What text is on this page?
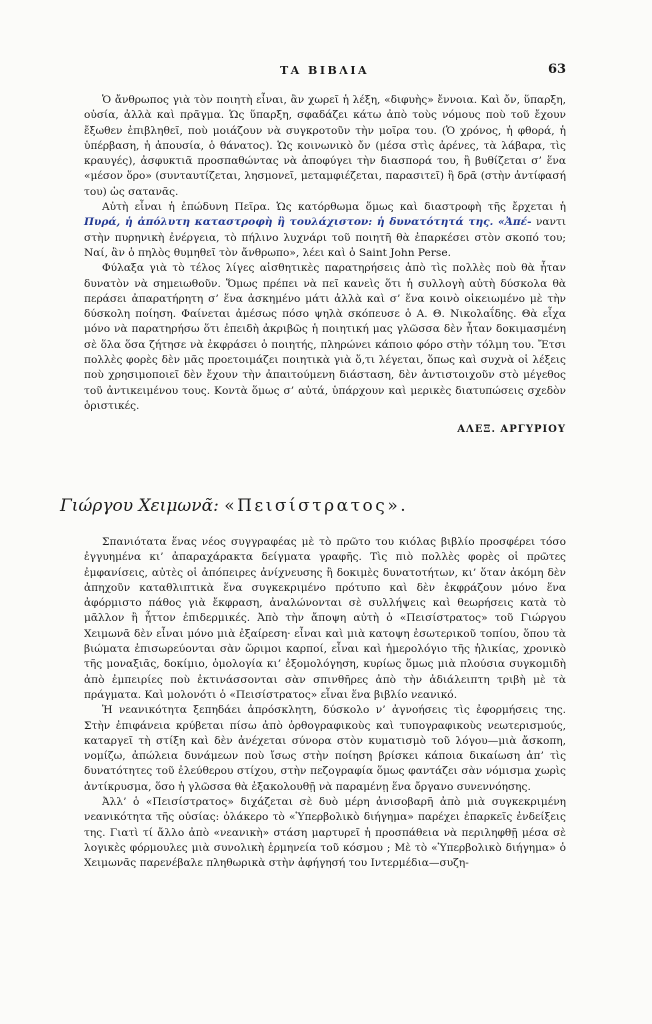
ΤΑ ΒΙΒΛΙΑ	63

Ὁ ἄνθρωπος γιὰ τὸν ποιητὴ εἶναι, ἂν χωρεῖ ἡ λέξη, «διφυὴς» ἔννοια. Καὶ ὄν, ὕπαρξη, οὐσία, ἀλλὰ καὶ πρᾶγμα. Ὡς ὕπαρξη, σφαδάζει κάτω ἀπὸ τοὺς νόμους ποὺ τοῦ ἔχουν ἔξωθεν ἐπιβληθεῖ, ποὺ μοιάζουν νὰ συγκροτοῦν τὴν μοῖρα του. (Ὁ χρόνος, ἡ φθορά, ἡ ὑπέρβαση, ἡ ἀπουσία, ὁ θάνατος). Ὡς κοινωνικὸ ὄν (μέσα στὶς ἀρένες, τὰ λάβαρα, τὶς κραυγές), ἀσφυκτιᾶ προσπαθώντας νὰ ἀποφύγει τὴν διασπορά του, ἢ βυθίζεται σ’ ἕνα «μέσον ὅρο» (συνταυτίζεται, λησμονεῖ, μεταμφιέζεται, παρασιτεῖ) ἢ δρᾶ (στὴν ἀντίφασή του) ὡς σατανᾶς.

Αὐτὴ εἶναι ἡ ἐπώδυνη Πεῖρα. Ὡς κατόρθωμα ὅμως καὶ διαστροφὴ τῆς ἔρχεται ἡ Πυρά, ἡ ἀπόλυτη καταστροφὴ ἢ τουλάχιστον: ἡ δυνατότητά της. «Ἀπέ- ναντι στὴν πυρηνικὴ ἐνέργεια, τὸ πήλινο λυχνάρι τοῦ ποιητῆ θὰ ἐπαρκέσει στὸν σκοπό του; Ναί, ἂν ὁ πηλὸς θυμηθεῖ τὸν ἄνθρωπο», λέει καὶ ὁ Saint John Perse.

Φύλαξα γιὰ τὸ τέλος λίγες αἰσθητικὲς παρατηρήσεις ἀπὸ τὶς πολλὲς ποὺ θὰ ἦταν δυνατὸν νὰ σημειωθοῦν. Ὅμως πρέπει νὰ πεῖ κανεὶς ὅτι ἡ συλλογὴ αὐτὴ δύσκολα θὰ περάσει ἀπαρατήρητη σ’ ἕνα ἀσκημένο μάτι ἀλλὰ καὶ σ’ ἕνα κοινὸ οἰκειωμένο μὲ τὴν δύσκολη ποίηση. Φαίνεται ἀμέσως πόσο ψηλὰ σκόπευσε ὁ Α. Θ. Νικολαΐδης. Θὰ εἶχα μόνο νὰ παρατηρήσω ὅτι ἐπειδὴ ἀκριβῶς ἡ ποιητική μας γλῶσσα δὲν ἦταν δοκιμασμένη σὲ ὅλα ὅσα ζήτησε νὰ ἐκφράσει ὁ ποιητής, πληρώνει κάποιο φόρο στὴν τόλμη του. Ἔτσι πολλὲς φορὲς δὲν μᾶς προετοιμάζει ποιητικὰ γιὰ ὅ,τι λέγεται, ὅπως καὶ συχνὰ οἱ λέξεις ποὺ χρησιμοποιεῖ δὲν ἔχουν τὴν ἀπαιτούμενη διάσταση, δὲν ἀντιστοιχοῦν στὸ μέγεθος τοῦ ἀντικειμένου τους. Κοντὰ ὅμως σ’ αὐτά, ὑπάρχουν καὶ μερικὲς διατυπώσεις σχεδὸν ὁριστικές.

ΑΛΕΞ. ΑΡΓΥΡΙΟΥ
Γιώργου Χειμωνᾶ: «Πεισίστρατος».

Σπανιότατα ἕνας νέος συγγραφέας μὲ τὸ πρῶτο του κιόλας βιβλίο προσφέρει τόσο ἐγγυημένα κι’ ἀπαραχάρακτα δείγματα γραφῆς. Τὶς πιὸ πολλὲς φορὲς οἱ πρῶτες ἐμφανίσεις, αὐτὲς οἱ ἀπόπειρες ἀνίχνευσης ἢ δοκιμὲς δυνατοτήτων, κι’ ὅταν ἀκόμη δὲν ἀπηχοῦν καταθλιπτικὰ ἕνα συγκεκριμένο πρότυπο καὶ δὲν ἐκφράζουν μόνο ἕνα ἀφόρμιστο πάθος γιὰ ἔκφραση, ἀναλώνονται σὲ συλλήψεις καὶ θεωρήσεις κατὰ τὸ μᾶλλον ἢ ἧττον ἐπιδερμικές. Ἀπὸ τὴν ἄποψη αὐτὴ ὁ «Πεισίστρατος» τοῦ Γιώργου Χειμωνᾶ δὲν εἶναι μόνο μιὰ ἐξαίρεση· εἶναι καὶ μιὰ κατοψη ἐσωτερικοῦ τοπίου, ὅπου τὰ βιώματα ἐπισωρεύονται σὰν ὥριμοι καρποί, εἶναι καὶ ἡμερολόγιο τῆς ἡλικίας, χρονικὸ τῆς μοναξιᾶς, δοκίμιο, ὁμολογία κι’ ἐξομολόγηση, κυρίως ὅμως μιὰ πλούσια συγκομιδὴ ἀπὸ ἐμπειρίες ποὺ ἐκτινάσσονται σὰν σπινθῆρες ἀπὸ τὴν ἀδιάλειπτη τριβὴ μὲ τὰ πράγματα. Καὶ μολονότι ὁ «Πεισίστρατος» εἶναι ἕνα βιβλίο νεανικό.

Ἡ νεανικότητα ξεπηδάει ἀπρόσκλητη, δύσκολο ν’ ἀγνοήσεις τὶς ἐφορμήσεις της. Στὴν ἐπιφάνεια κρύβεται πίσω ἀπὸ ὀρθογραφικοὺς καὶ τυπογραφικοὺς νεωτερισμούς, καταργεῖ τὴ στίξη καὶ δὲν ἀνέχεται σύνορα στὸν κυματισμὸ τοῦ λόγου—μιὰ ἄσκοπη, νομίζω, ἀπώλεια δυνάμεων ποὺ ἴσως στὴν ποίηση βρίσκει κάποια δικαίωση ἀπ’ τὶς δυνατότητες τοῦ ἐλεύθερου στίχου, στὴν πεζογραφία ὅμως φαντάζει σὰν νόμισμα χωρὶς ἀντίκρυσμα, ὅσο ἡ γλῶσσα θὰ ἐξακολουθῇ νὰ παραμένῃ ἕνα ὄργανο συνεννόησης.

Ἀλλ’ ὁ «Πεισίστρατος» διχάζεται σὲ δυὸ μέρη ἀνισοβαρῆ ἀπὸ μιὰ συγκεκριμένη νεανικότητα τῆς οὐσίας: ὁλάκερο τὸ «Ὑπερβολικὸ διήγημα» παρέχει ἐπαρκεῖς ἐνδείξεις της. Γιατὶ τί ἄλλο ἀπὸ «νεανικὴ» στάση μαρτυρεῖ ἡ προσπάθεια νὰ περιληφθῇ μέσα σὲ λογικὲς φόρμουλες μιὰ συνολικὴ ἑρμηνεία τοῦ κόσμου ; Μὲ τὸ «Ὑπερβολικὸ διήγημα» ὁ Χειμωνᾶς παρενέβαλε πληθωρικὰ στὴν ἀφήγησή του Ιντερμέδια—συζη-
